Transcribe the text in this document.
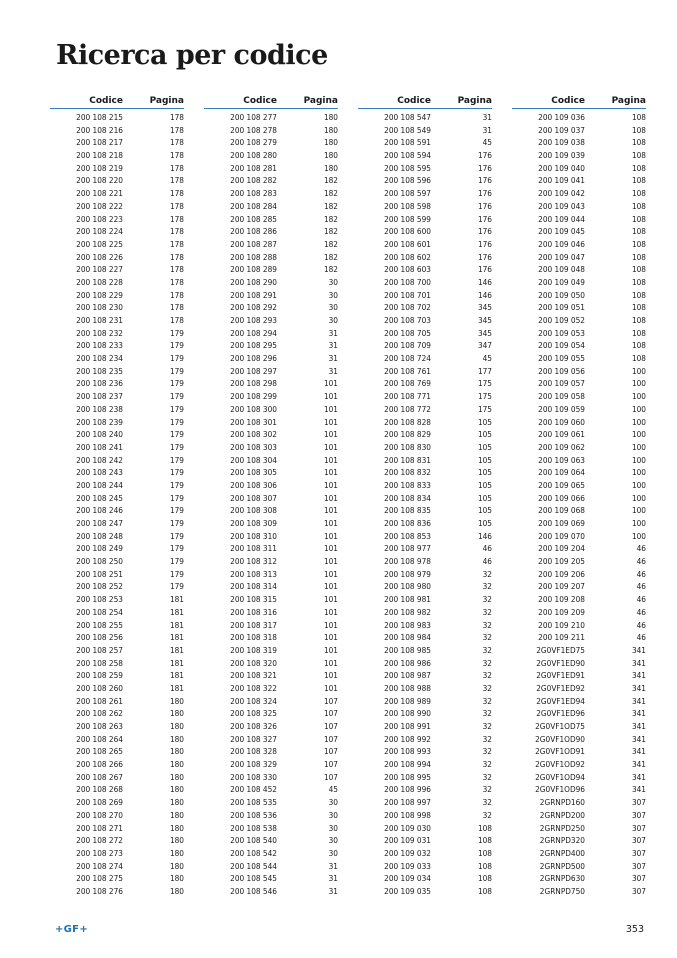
Ricerca per codice
Codice	Pagina
200 108 215	178
200 108 216	178
200 108 217	178
200 108 218	178
200 108 219	178
200 108 220	178
200 108 221	178
200 108 222	178
200 108 223	178
200 108 224	178
200 108 225	178
200 108 226	178
200 108 227	178
200 108 228	178
200 108 229	178
200 108 230	178
200 108 231	178
200 108 232	179
200 108 233	179
200 108 234	179
200 108 235	179
200 108 236	179
200 108 237	179
200 108 238	179
200 108 239	179
200 108 240	179
200 108 241	179
200 108 242	179
200 108 243	179
200 108 244	179
200 108 245	179
200 108 246	179
200 108 247	179
200 108 248	179
200 108 249	179
200 108 250	179
200 108 251	179
200 108 252	179
200 108 253	181
200 108 254	181
200 108 255	181
200 108 256	181
200 108 257	181
200 108 258	181
200 108 259	181
200 108 260	181
200 108 261	180
200 108 262	180
200 108 263	180
200 108 264	180
200 108 265	180
200 108 266	180
200 108 267	180
200 108 268	180
200 108 269	180
200 108 270	180
200 108 271	180
200 108 272	180
200 108 273	180
200 108 274	180
200 108 275	180
200 108 276	180
Codice	Pagina
200 108 277	180
200 108 278	180
200 108 279	180
200 108 280	180
200 108 281	180
200 108 282	182
200 108 283	182
200 108 284	182
200 108 285	182
200 108 286	182
200 108 287	182
200 108 288	182
200 108 289	182
200 108 290	30
200 108 291	30
200 108 292	30
200 108 293	30
200 108 294	31
200 108 295	31
200 108 296	31
200 108 297	31
200 108 298	101
200 108 299	101
200 108 300	101
200 108 301	101
200 108 302	101
200 108 303	101
200 108 304	101
200 108 305	101
200 108 306	101
200 108 307	101
200 108 308	101
200 108 309	101
200 108 310	101
200 108 311	101
200 108 312	101
200 108 313	101
200 108 314	101
200 108 315	101
200 108 316	101
200 108 317	101
200 108 318	101
200 108 319	101
200 108 320	101
200 108 321	101
200 108 322	101
200 108 324	107
200 108 325	107
200 108 326	107
200 108 327	107
200 108 328	107
200 108 329	107
200 108 330	107
200 108 452	45
200 108 535	30
200 108 536	30
200 108 538	30
200 108 540	30
200 108 542	30
200 108 544	31
200 108 545	31
200 108 546	31
Codice	Pagina
200 108 547	31
200 108 549	31
200 108 591	45
200 108 594	176
200 108 595	176
200 108 596	176
200 108 597	176
200 108 598	176
200 108 599	176
200 108 600	176
200 108 601	176
200 108 602	176
200 108 603	176
200 108 700	146
200 108 701	146
200 108 702	345
200 108 703	345
200 108 705	345
200 108 709	347
200 108 724	45
200 108 761	177
200 108 769	175
200 108 771	175
200 108 772	175
200 108 828	105
200 108 829	105
200 108 830	105
200 108 831	105
200 108 832	105
200 108 833	105
200 108 834	105
200 108 835	105
200 108 836	105
200 108 853	146
200 108 977	46
200 108 978	46
200 108 979	32
200 108 980	32
200 108 981	32
200 108 982	32
200 108 983	32
200 108 984	32
200 108 985	32
200 108 986	32
200 108 987	32
200 108 988	32
200 108 989	32
200 108 990	32
200 108 991	32
200 108 992	32
200 108 993	32
200 108 994	32
200 108 995	32
200 108 996	32
200 108 997	32
200 108 998	32
200 109 030	108
200 109 031	108
200 109 032	108
200 109 033	108
200 109 034	108
200 109 035	108
Codice	Pagina
200 109 036	108
200 109 037	108
200 109 038	108
200 109 039	108
200 109 040	108
200 109 041	108
200 109 042	108
200 109 043	108
200 109 044	108
200 109 045	108
200 109 046	108
200 109 047	108
200 109 048	108
200 109 049	108
200 109 050	108
200 109 051	108
200 109 052	108
200 109 053	108
200 109 054	108
200 109 055	108
200 109 056	100
200 109 057	100
200 109 058	100
200 109 059	100
200 109 060	100
200 109 061	100
200 109 062	100
200 109 063	100
200 109 064	100
200 109 065	100
200 109 066	100
200 109 068	100
200 109 069	100
200 109 070	100
200 109 204	46
200 109 205	46
200 109 206	46
200 109 207	46
200 109 208	46
200 109 209	46
200 109 210	46
200 109 211	46
2G0VF1ED75	341
2G0VF1ED90	341
2G0VF1ED91	341
2G0VF1ED92	341
2G0VF1ED94	341
2G0VF1ED96	341
2G0VF1OD75	341
2G0VF1OD90	341
2G0VF1OD91	341
2G0VF1OD92	341
2G0VF1OD94	341
2G0VF1OD96	341
2GRNPD160	307
2GRNPD200	307
2GRNPD250	307
2GRNPD320	307
2GRNPD400	307
2GRNPD500	307
2GRNPD630	307
2GRNPD750	307
+GF+	353
